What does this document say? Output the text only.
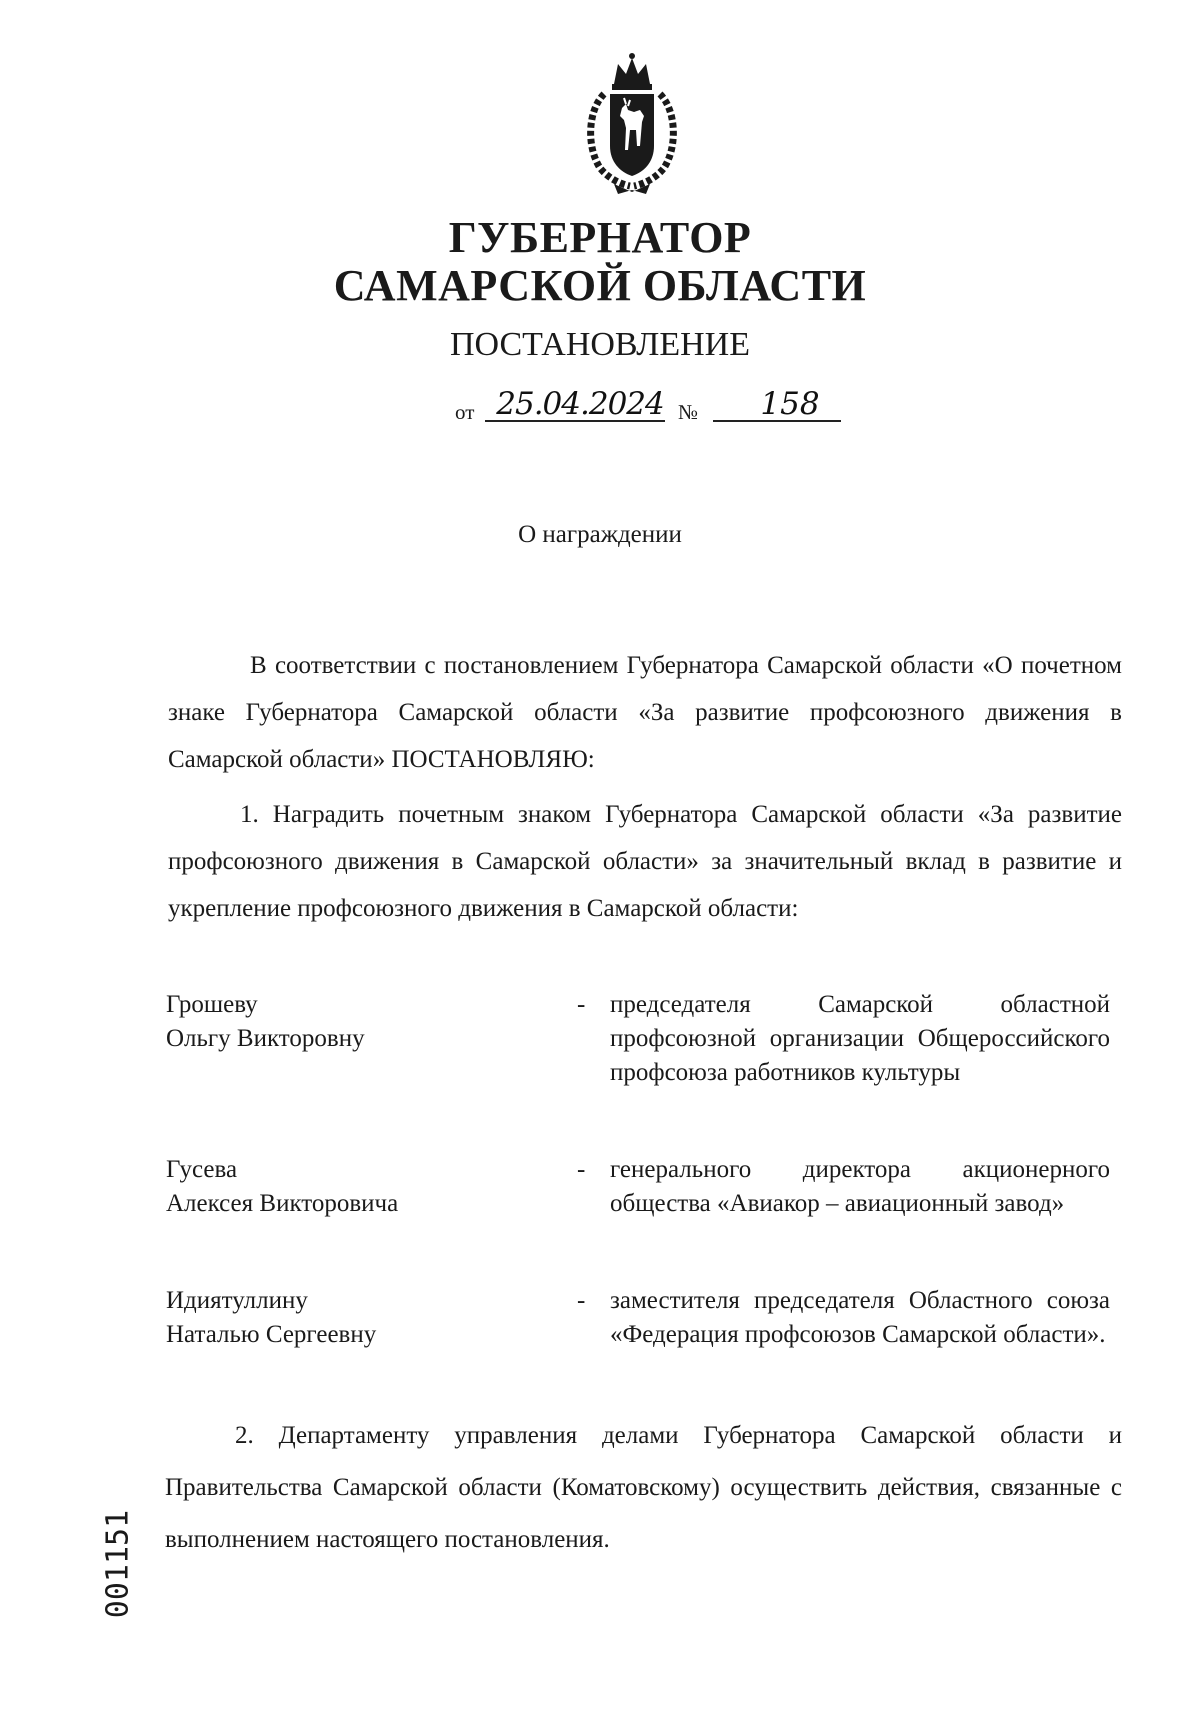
ГУБЕРНАТОР
САМАРСКОЙ ОБЛАСТИ
ПОСТАНОВЛЕНИЕ
от 25.04.2024 №	158
О награждении
В соответствии с постановлением Губернатора Самарской области «О почетном знаке Губернатора Самарской области «За развитие профсоюзного движения в Самарской области» ПОСТАНОВЛЯЮ:
1. Наградить почетным знаком Губернатора Самарской области «За развитие профсоюзного движения в Самарской области» за значительный вклад в развитие и укрепление профсоюзного движения в Самарской области:
Грошеву
Ольгу Викторовну
- председателя Самарской областной профсоюзной организации Общероссийского профсоюза работников культуры
Гусева
Алексея Викторовича
- генерального директора акционерного общества «Авиакор – авиационный завод»
Идиятуллину
Наталью Сергеевну
- заместителя председателя Областного союза «Федерация профсоюзов Самарской области».
2. Департаменту управления делами Губернатора Самарской области и Правительства Самарской области (Коматовскому) осуществить действия, связанные с выполнением настоящего постановления.
001151
